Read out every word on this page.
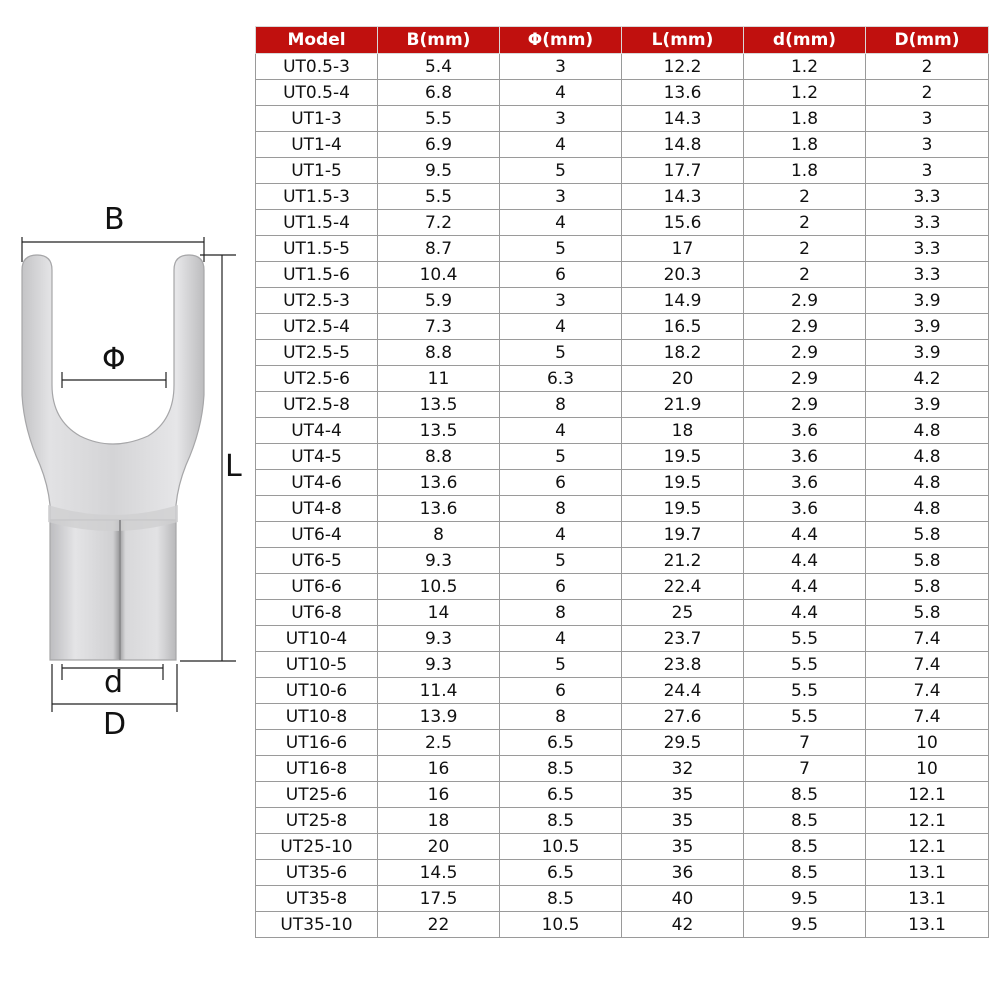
B
Φ
L
d
D
Model	B(mm)	Φ(mm)	L(mm)	d(mm)	D(mm)
UT0.5-3	5.4	3	12.2	1.2	2
UT0.5-4	6.8	4	13.6	1.2	2
UT1-3	5.5	3	14.3	1.8	3
UT1-4	6.9	4	14.8	1.8	3
UT1-5	9.5	5	17.7	1.8	3
UT1.5-3	5.5	3	14.3	2	3.3
UT1.5-4	7.2	4	15.6	2	3.3
UT1.5-5	8.7	5	17	2	3.3
UT1.5-6	10.4	6	20.3	2	3.3
UT2.5-3	5.9	3	14.9	2.9	3.9
UT2.5-4	7.3	4	16.5	2.9	3.9
UT2.5-5	8.8	5	18.2	2.9	3.9
UT2.5-6	11	6.3	20	2.9	4.2
UT2.5-8	13.5	8	21.9	2.9	3.9
UT4-4	13.5	4	18	3.6	4.8
UT4-5	8.8	5	19.5	3.6	4.8
UT4-6	13.6	6	19.5	3.6	4.8
UT4-8	13.6	8	19.5	3.6	4.8
UT6-4	8	4	19.7	4.4	5.8
UT6-5	9.3	5	21.2	4.4	5.8
UT6-6	10.5	6	22.4	4.4	5.8
UT6-8	14	8	25	4.4	5.8
UT10-4	9.3	4	23.7	5.5	7.4
UT10-5	9.3	5	23.8	5.5	7.4
UT10-6	11.4	6	24.4	5.5	7.4
UT10-8	13.9	8	27.6	5.5	7.4
UT16-6	2.5	6.5	29.5	7	10
UT16-8	16	8.5	32	7	10
UT25-6	16	6.5	35	8.5	12.1
UT25-8	18	8.5	35	8.5	12.1
UT25-10	20	10.5	35	8.5	12.1
UT35-6	14.5	6.5	36	8.5	13.1
UT35-8	17.5	8.5	40	9.5	13.1
UT35-10	22	10.5	42	9.5	13.1
